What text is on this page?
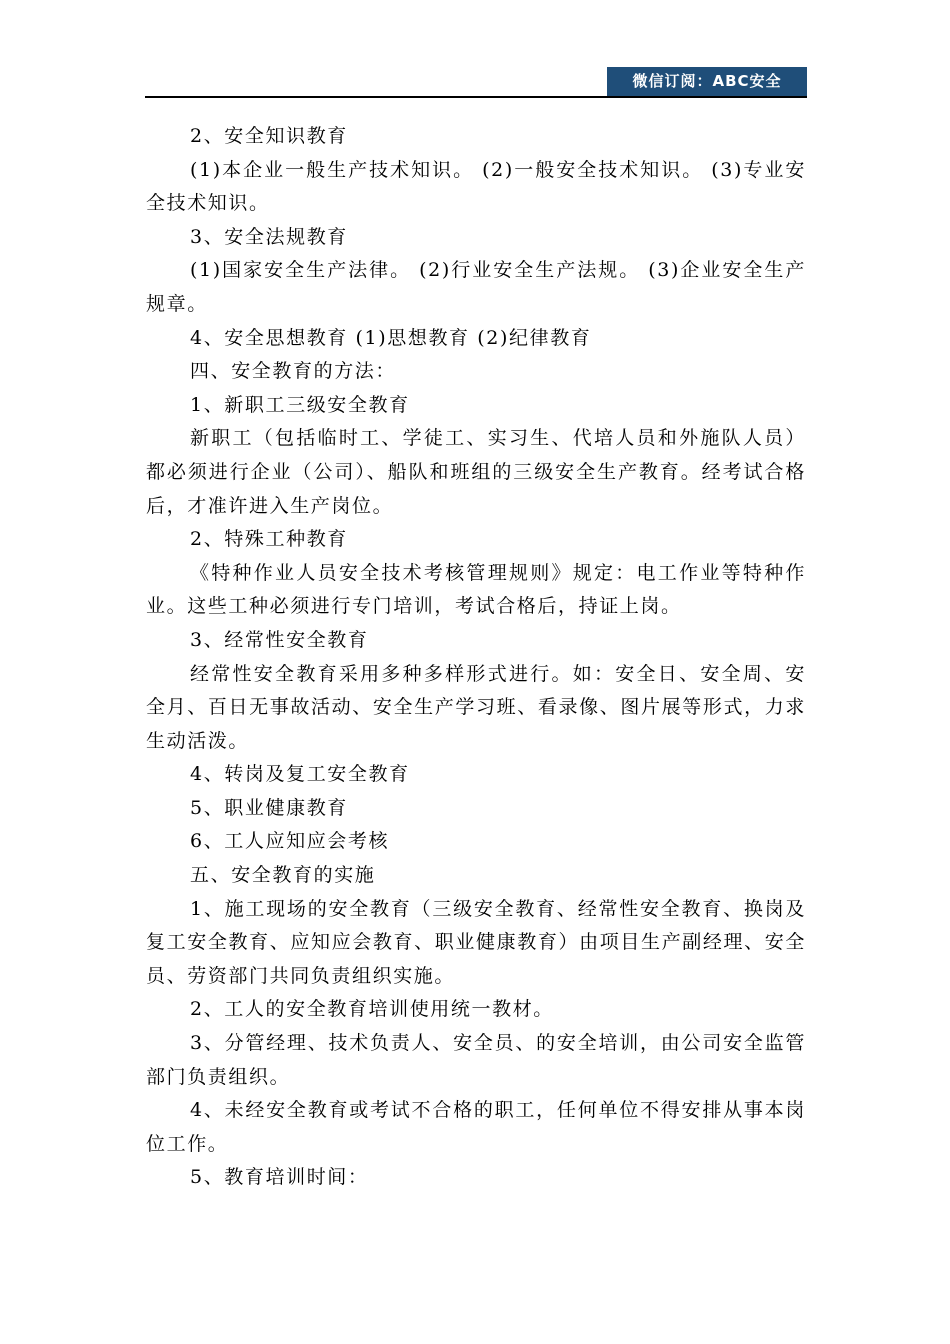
微信订阅：ABC安全

2、安全知识教育

(1)本企业一般生产技术知识。 (2)一般安全技术知识。 (3)专业安全技术知识。

3、安全法规教育

(1)国家安全生产法律。 (2)行业安全生产法规。 (3)企业安全生产规章。

4、安全思想教育 (1)思想教育 (2)纪律教育

四、安全教育的方法：

1、新职工三级安全教育

新职工（包括临时工、学徒工、实习生、代培人员和外施队人员）都必须进行企业（公司）、船队和班组的三级安全生产教育。经考试合格后，才准许进入生产岗位。

2、特殊工种教育

《特种作业人员安全技术考核管理规则》规定：电工作业等特种作业。这些工种必须进行专门培训，考试合格后，持证上岗。

3、经常性安全教育

经常性安全教育采用多种多样形式进行。如：安全日、安全周、安全月、百日无事故活动、安全生产学习班、看录像、图片展等形式，力求生动活泼。

4、转岗及复工安全教育

5、职业健康教育

6、工人应知应会考核

五、安全教育的实施

1、施工现场的安全教育（三级安全教育、经常性安全教育、换岗及复工安全教育、应知应会教育、职业健康教育）由项目生产副经理、安全员、劳资部门共同负责组织实施。

2、工人的安全教育培训使用统一教材。

3、分管经理、技术负责人、安全员、的安全培训，由公司安全监管部门负责组织。

4、未经安全教育或考试不合格的职工，任何单位不得安排从事本岗位工作。

5、教育培训时间：
